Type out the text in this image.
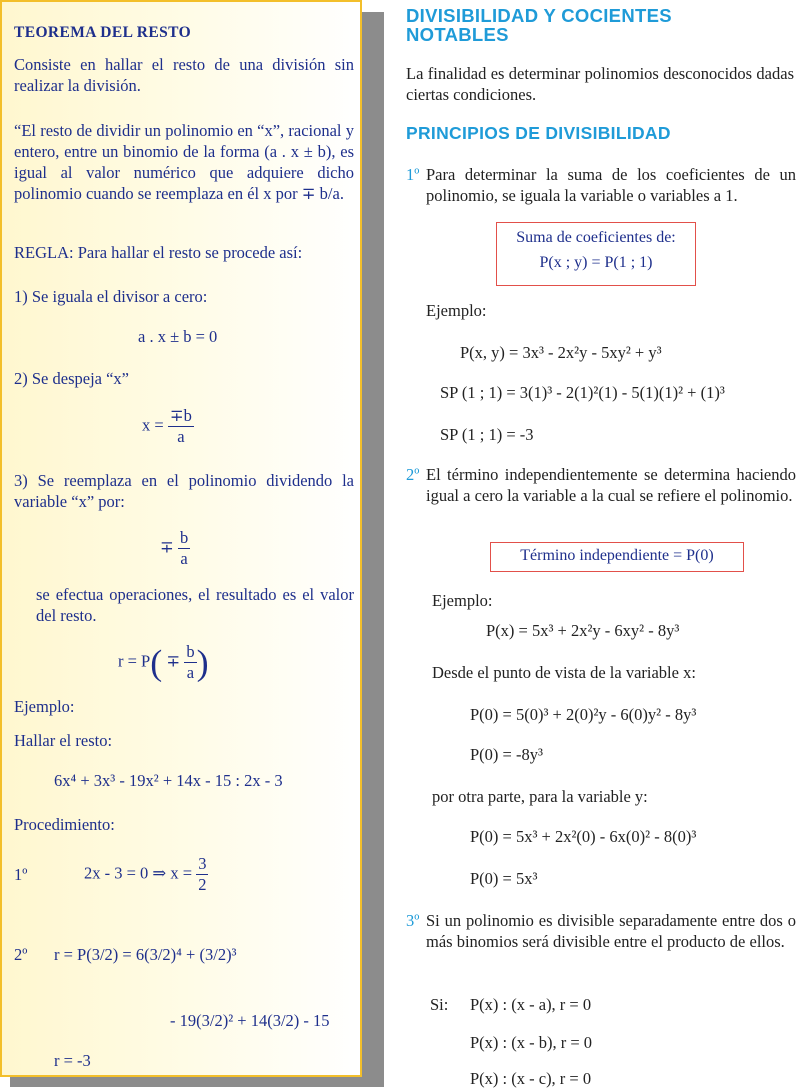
TEOREMA DEL RESTO
Consiste en hallar el resto de una división sin realizar la división.
“El resto de dividir un polinomio en “x”, racional y entero, entre un binomio de la forma (a . x ± b), es igual al valor numérico que adquiere dicho polinomio cuando se reemplaza en él x por ∓ b/a.
REGLA: Para hallar el resto se procede así:
1) Se iguala el divisor a cero:
a . x ± b = 0
2) Se despeja “x”
$x = \frac{\mp b}{a}$
3) Se reemplaza en el polinomio dividendo la variable “x” por:
∓ $\frac{b}{a}$
se efectua operaciones, el resultado es el valor del resto.
$r = P( \mp \frac{b}{a}$ )
Ejemplo:
Hallar el resto:
6x⁴ + 3x³ - 19x² + 14x - 15 : 2x - 3
Procedimiento:
1º	2x - 3 = 0 ⇒ $x = \frac{3}{2}$
2º r = P(3/2) = 6(3/2)⁴ + (3/2)³
- 19(3/2)² + 14(3/2) - 15
r = -3
DIVISIBILIDAD Y COCIENTES
NOTABLES
La finalidad es determinar polinomios desconocidos dadas ciertas condiciones.
PRINCIPIOS DE DIVISIBILIDAD
1º Para determinar la suma de los coeficientes de un polinomio, se iguala la variable o variables a 1.
Suma de coeficientes de:
P(x ; y) = P(1 ; 1)
Ejemplo:
P(x, y) = 3x³ - 2x²y - 5xy² + y³
SP (1 ; 1) = 3(1)³ - 2(1)²(1) - 5(1)(1)² + (1)³
SP (1 ; 1) = -3
2º El término independientemente se determina haciendo igual a cero la variable a la cual se refiere el polinomio.
Término independiente = P(0)
Ejemplo:
P(x) = 5x³ + 2x²y - 6xy² - 8y³
Desde el punto de vista de la variable x:
P(0) = 5(0)³ + 2(0)²y - 6(0)y² - 8y³
P(0) = -8y³
por otra parte, para la variable y:
P(0) = 5x³ + 2x²(0) - 6x(0)² - 8(0)³
P(0) = 5x³
3º Si un polinomio es divisible separadamente entre dos o más binomios será divisible entre el producto de ellos.
Si: P(x) : (x - a), r = 0
P(x) : (x - b), r = 0
P(x) : (x - c), r = 0
